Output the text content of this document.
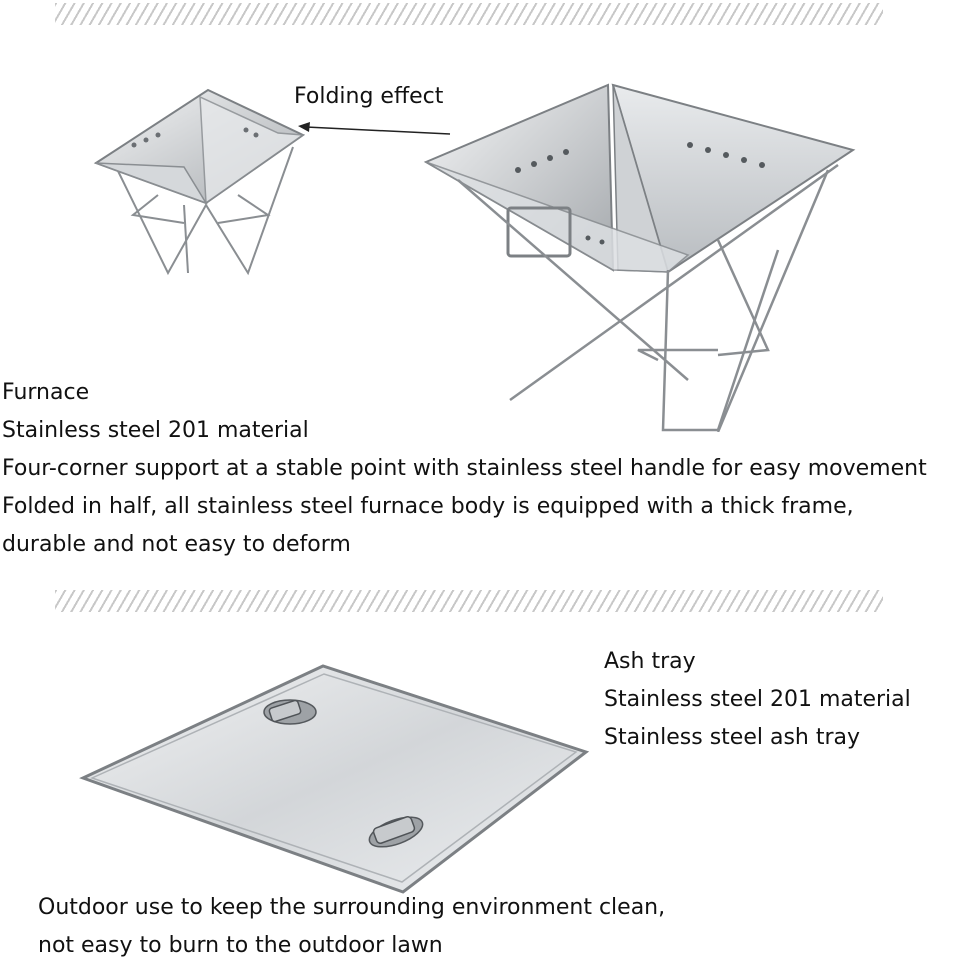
Folding effect
Furnace
Stainless steel 201 material
Four-corner support at a stable point with stainless steel handle for easy movement
Folded in half, all stainless steel furnace body is equipped with a thick frame,
durable and not easy to deform
Ash tray
Stainless steel 201 material
Stainless steel ash tray
Outdoor use to keep the surrounding environment clean,
not easy to burn to the outdoor lawn
